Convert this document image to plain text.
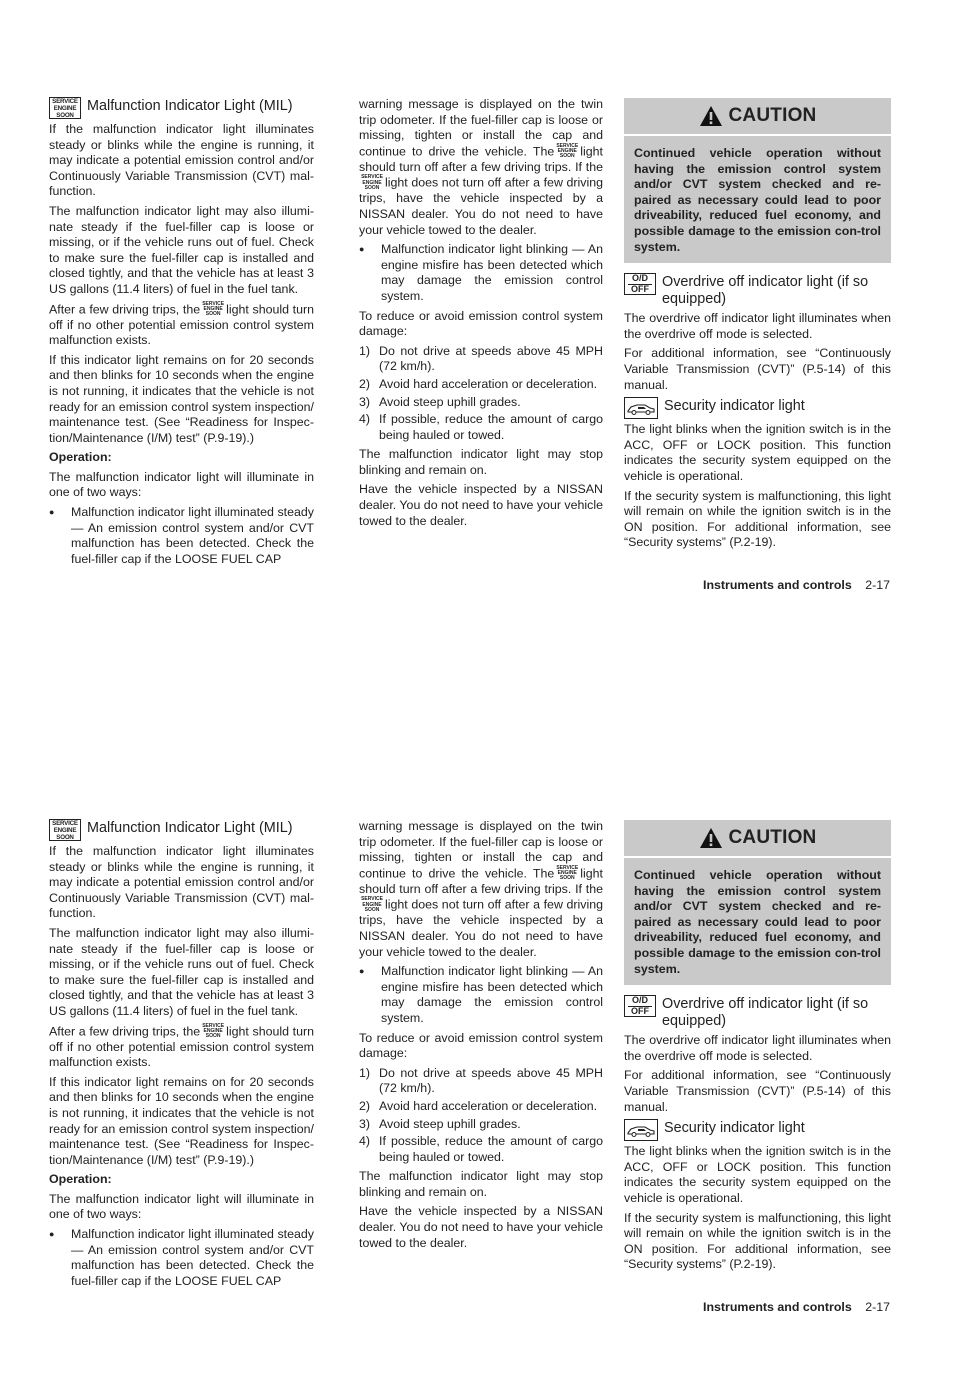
SERVICE
ENGINE
SOON
Malfunction Indicator Light (MIL)

If the malfunction indicator light illuminates steady or blinks while the engine is running, it may indicate a potential emission control and/or Continuously Variable Transmission (CVT) mal-function.

The malfunction indicator light may also illumi-nate steady if the fuel-filler cap is loose or missing, or if the vehicle runs out of fuel. Check to make sure the fuel-filler cap is installed and closed tightly, and that the vehicle has at least 3 US gallons (11.4 liters) of fuel in the fuel tank.

After a few driving trips, the SERVICE
ENGINE
SOON light should turn off if no other potential emission control system malfunction exists.

If this indicator light remains on for 20 seconds and then blinks for 10 seconds when the engine is not running, it indicates that the vehicle is not ready for an emission control system inspection/ maintenance test. (See “Readiness for Inspec-tion/Maintenance (I/M) test” (P.9-19).)

Operation:

The malfunction indicator light will illuminate in one of two ways:

● Malfunction indicator light illuminated steady — An emission control system and/or CVT malfunction has been detected. Check the fuel-filler cap if the LOOSE FUEL CAP

warning message is displayed on the twin trip odometer. If the fuel-filler cap is loose or missing, tighten or install the cap and continue to drive the vehicle. The SERVICE
ENGINE
SOON light should turn off after a few driving trips. If the
SERVICE
ENGINE
SOON light does not turn off after a few driving trips, have the vehicle inspected by a NISSAN dealer. You do not need to have your vehicle towed to the dealer.

● Malfunction indicator light blinking — An engine misfire has been detected which may damage the emission control system.

To reduce or avoid emission control system damage:

1) Do not drive at speeds above 45 MPH (72 km/h).
2) Avoid hard acceleration or deceleration.
3) Avoid steep uphill grades.
4) If possible, reduce the amount of cargo being hauled or towed.

The malfunction indicator light may stop blinking and remain on.

Have the vehicle inspected by a NISSAN dealer. You do not need to have your vehicle towed to the dealer.

CAUTION
Continued vehicle operation without having the emission control system and/or CVT system checked and re-paired as necessary could lead to poor driveability, reduced fuel economy, and possible damage to the emission con-trol system.
O/D
OFF Overdrive off indicator light (if so equipped)

The overdrive off indicator light illuminates when the overdrive off mode is selected.

For additional information, see “Continuously Variable Transmission (CVT)” (P.5-14) of this manual.

Security indicator light

The light blinks when the ignition switch is in the ACC, OFF or LOCK position. This function indicates the security system equipped on the vehicle is operational.

If the security system is malfunctioning, this light will remain on while the ignition switch is in the ON position. For additional information, see “Security systems” (P.2-19).

Instruments and controls 2-17
SERVICE
ENGINE
SOON
Malfunction Indicator Light (MIL)

If the malfunction indicator light illuminates steady or blinks while the engine is running, it may indicate a potential emission control and/or Continuously Variable Transmission (CVT) mal-function.

The malfunction indicator light may also illumi-nate steady if the fuel-filler cap is loose or missing, or if the vehicle runs out of fuel. Check to make sure the fuel-filler cap is installed and closed tightly, and that the vehicle has at least 3 US gallons (11.4 liters) of fuel in the fuel tank.

After a few driving trips, the SERVICE
ENGINE
SOON light should turn off if no other potential emission control system malfunction exists.

If this indicator light remains on for 20 seconds and then blinks for 10 seconds when the engine is not running, it indicates that the vehicle is not ready for an emission control system inspection/ maintenance test. (See “Readiness for Inspec-tion/Maintenance (I/M) test” (P.9-19).)

Operation:

The malfunction indicator light will illuminate in one of two ways:

● Malfunction indicator light illuminated steady — An emission control system and/or CVT malfunction has been detected. Check the fuel-filler cap if the LOOSE FUEL CAP

warning message is displayed on the twin trip odometer. If the fuel-filler cap is loose or missing, tighten or install the cap and continue to drive the vehicle. The SERVICE
ENGINE
SOON light should turn off after a few driving trips. If the
SERVICE
ENGINE
SOON light does not turn off after a few driving trips, have the vehicle inspected by a NISSAN dealer. You do not need to have your vehicle towed to the dealer.

● Malfunction indicator light blinking — An engine misfire has been detected which may damage the emission control system.

To reduce or avoid emission control system damage:

1) Do not drive at speeds above 45 MPH (72 km/h).
2) Avoid hard acceleration or deceleration.
3) Avoid steep uphill grades.
4) If possible, reduce the amount of cargo being hauled or towed.

The malfunction indicator light may stop blinking and remain on.

Have the vehicle inspected by a NISSAN dealer. You do not need to have your vehicle towed to the dealer.

CAUTION
Continued vehicle operation without having the emission control system and/or CVT system checked and re-paired as necessary could lead to poor driveability, reduced fuel economy, and possible damage to the emission con-trol system.
O/D
OFF Overdrive off indicator light (if so equipped)

The overdrive off indicator light illuminates when the overdrive off mode is selected.

For additional information, see “Continuously Variable Transmission (CVT)” (P.5-14) of this manual.

Security indicator light

The light blinks when the ignition switch is in the ACC, OFF or LOCK position. This function indicates the security system equipped on the vehicle is operational.

If the security system is malfunctioning, this light will remain on while the ignition switch is in the ON position. For additional information, see “Security systems” (P.2-19).

Instruments and controls 2-17
